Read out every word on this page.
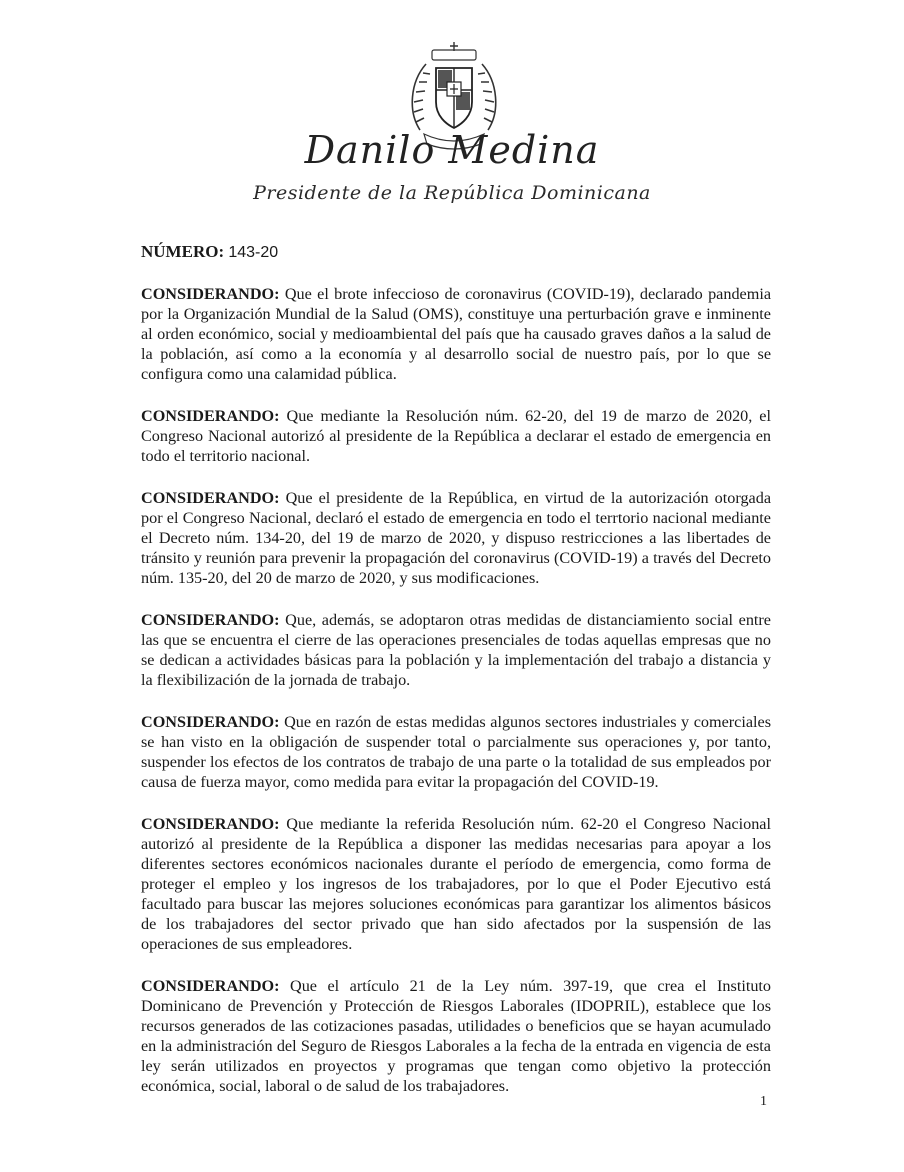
Danilo Medina
Presidente de la República Dominicana
NÚMERO: 143-20

CONSIDERANDO: Que el brote infeccioso de coronavirus (COVID-19), declarado pandemia por la Organización Mundial de la Salud (OMS), constituye una perturbación grave e inminente al orden económico, social y medioambiental del país que ha causado graves daños a la salud de la población, así como a la economía y al desarrollo social de nuestro país, por lo que se configura como una calamidad pública.

CONSIDERANDO: Que mediante la Resolución núm. 62-20, del 19 de marzo de 2020, el Congreso Nacional autorizó al presidente de la República a declarar el estado de emergencia en todo el territorio nacional.

CONSIDERANDO: Que el presidente de la República, en virtud de la autorización otorgada por el Congreso Nacional, declaró el estado de emergencia en todo el terrtorio nacional mediante el Decreto núm. 134-20, del 19 de marzo de 2020, y dispuso restricciones a las libertades de tránsito y reunión para prevenir la propagación del coronavirus (COVID-19) a través del Decreto núm. 135-20, del 20 de marzo de 2020, y sus modificaciones.

CONSIDERANDO: Que, además, se adoptaron otras medidas de distanciamiento social entre las que se encuentra el cierre de las operaciones presenciales de todas aquellas empresas que no se dedican a actividades básicas para la población y la implementación del trabajo a distancia y la flexibilización de la jornada de trabajo.

CONSIDERANDO: Que en razón de estas medidas algunos sectores industriales y comerciales se han visto en la obligación de suspender total o parcialmente sus operaciones y, por tanto, suspender los efectos de los contratos de trabajo de una parte o la totalidad de sus empleados por causa de fuerza mayor, como medida para evitar la propagación del COVID-19.

CONSIDERANDO: Que mediante la referida Resolución núm. 62-20 el Congreso Nacional autorizó al presidente de la República a disponer las medidas necesarias para apoyar a los diferentes sectores económicos nacionales durante el período de emergencia, como forma de proteger el empleo y los ingresos de los trabajadores, por lo que el Poder Ejecutivo está facultado para buscar las mejores soluciones económicas para garantizar los alimentos básicos de los trabajadores del sector privado que han sido afectados por la suspensión de las operaciones de sus empleadores.

CONSIDERANDO: Que el artículo 21 de la Ley núm. 397-19, que crea el Instituto Dominicano de Prevención y Protección de Riesgos Laborales (IDOPRIL), establece que los recursos generados de las cotizaciones pasadas, utilidades o beneficios que se hayan acumulado en la administración del Seguro de Riesgos Laborales a la fecha de la entrada en vigencia de esta ley serán utilizados en proyectos y programas que tengan como objetivo la protección económica, social, laboral o de salud de los trabajadores.

1
